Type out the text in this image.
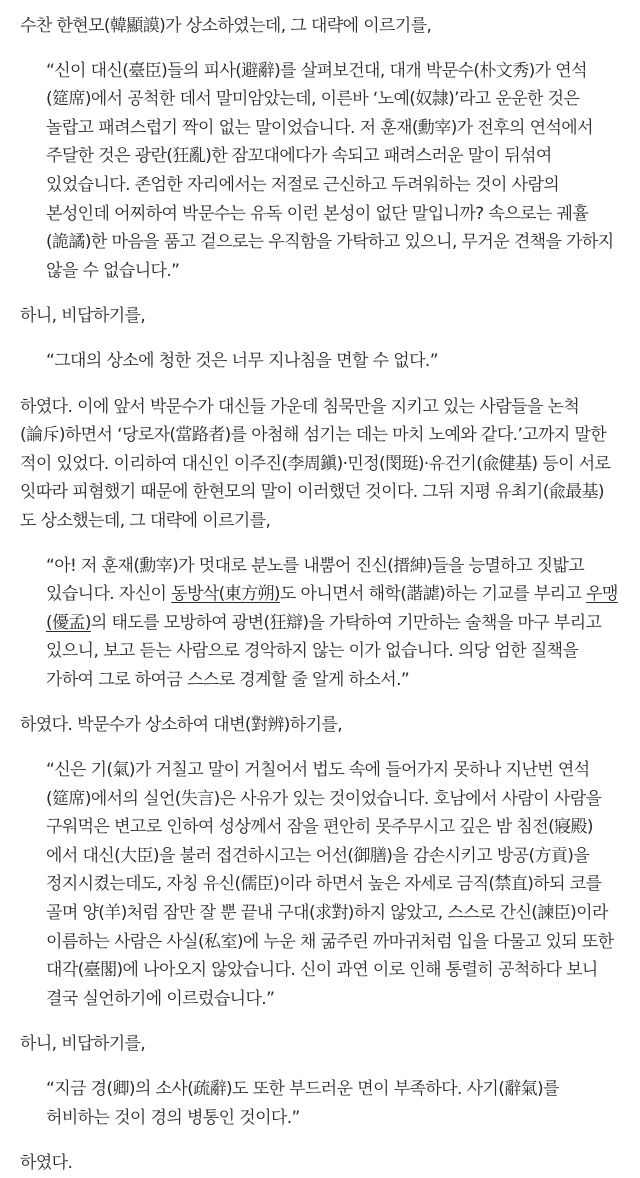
수찬 한현모(韓顯謨)가 상소하였는데, 그 대략에 이르기를,

“신이 대신(臺臣)들의 피사(避辭)를 살펴보건대, 대개 박문수(朴文秀)가 연석(筵席)에서 공척한 데서 말미암았는데, 이른바 ‘노예(奴隷)’라고 운운한 것은 놀랍고 패려스럽기 짝이 없는 말이었습니다. 저 훈재(勳宰)가 전후의 연석에서 주달한 것은 광란(狂亂)한 잠꼬대에다가 속되고 패려스러운 말이 뒤섞여 있었습니다. 존엄한 자리에서는 저절로 근신하고 두려워하는 것이 사람의 본성인데 어찌하여 박문수는 유독 이런 본성이 없단 말입니까? 속으로는 궤휼(詭譎)한 마음을 품고 겉으로는 우직함을 가탁하고 있으니, 무거운 견책을 가하지 않을 수 없습니다.”

하니, 비답하기를,

“그대의 상소에 청한 것은 너무 지나침을 면할 수 없다.”

하였다. 이에 앞서 박문수가 대신들 가운데 침묵만을 지키고 있는 사람들을 논척(論斥)하면서 ‘당로자(當路者)를 아첨해 섬기는 데는 마치 노예와 같다.’고까지 말한 적이 있었다. 이리하여 대신인 이주진(李周鎭)·민정(閔珽)·유건기(兪健基) 등이 서로 잇따라 피혐했기 때문에 한현모의 말이 이러했던 것이다. 그뒤 지평 유최기(兪最基)도 상소했는데, 그 대략에 이르기를,

“아! 저 훈재(勳宰)가 멋대로 분노를 내뿜어 진신(搢紳)들을 능멸하고 짓밟고 있습니다. 자신이 동방삭(東方朔)도 아니면서 해학(諧謔)하는 기교를 부리고 우맹(優孟)의 태도를 모방하여 광변(狂辯)을 가탁하여 기만하는 술책을 마구 부리고 있으니, 보고 듣는 사람으로 경악하지 않는 이가 없습니다. 의당 엄한 질책을 가하여 그로 하여금 스스로 경계할 줄 알게 하소서.”

하였다. 박문수가 상소하여 대변(對辨)하기를,

“신은 기(氣)가 거칠고 말이 거칠어서 법도 속에 들어가지 못하나 지난번 연석(筵席)에서의 실언(失言)은 사유가 있는 것이었습니다. 호남에서 사람이 사람을 구워먹은 변고로 인하여 성상께서 잠을 편안히 못주무시고 깊은 밤 침전(寢殿)에서 대신(大臣)을 불러 접견하시고는 어선(御膳)을 감손시키고 방공(方貢)을 정지시켰는데도, 자칭 유신(儒臣)이라 하면서 높은 자세로 금직(禁直)하되 코를 골며 양(羊)처럼 잠만 잘 뿐 끝내 구대(求對)하지 않았고, 스스로 간신(諫臣)이라 이름하는 사람은 사실(私室)에 누운 채 굶주린 까마귀처럼 입을 다물고 있되 또한 대각(臺閣)에 나아오지 않았습니다. 신이 과연 이로 인해 통렬히 공척하다 보니 결국 실언하기에 이르렀습니다.”

하니, 비답하기를,

“지금 경(卿)의 소사(疏辭)도 또한 부드러운 면이 부족하다. 사기(辭氣)를 허비하는 것이 경의 병통인 것이다.”

하였다.
